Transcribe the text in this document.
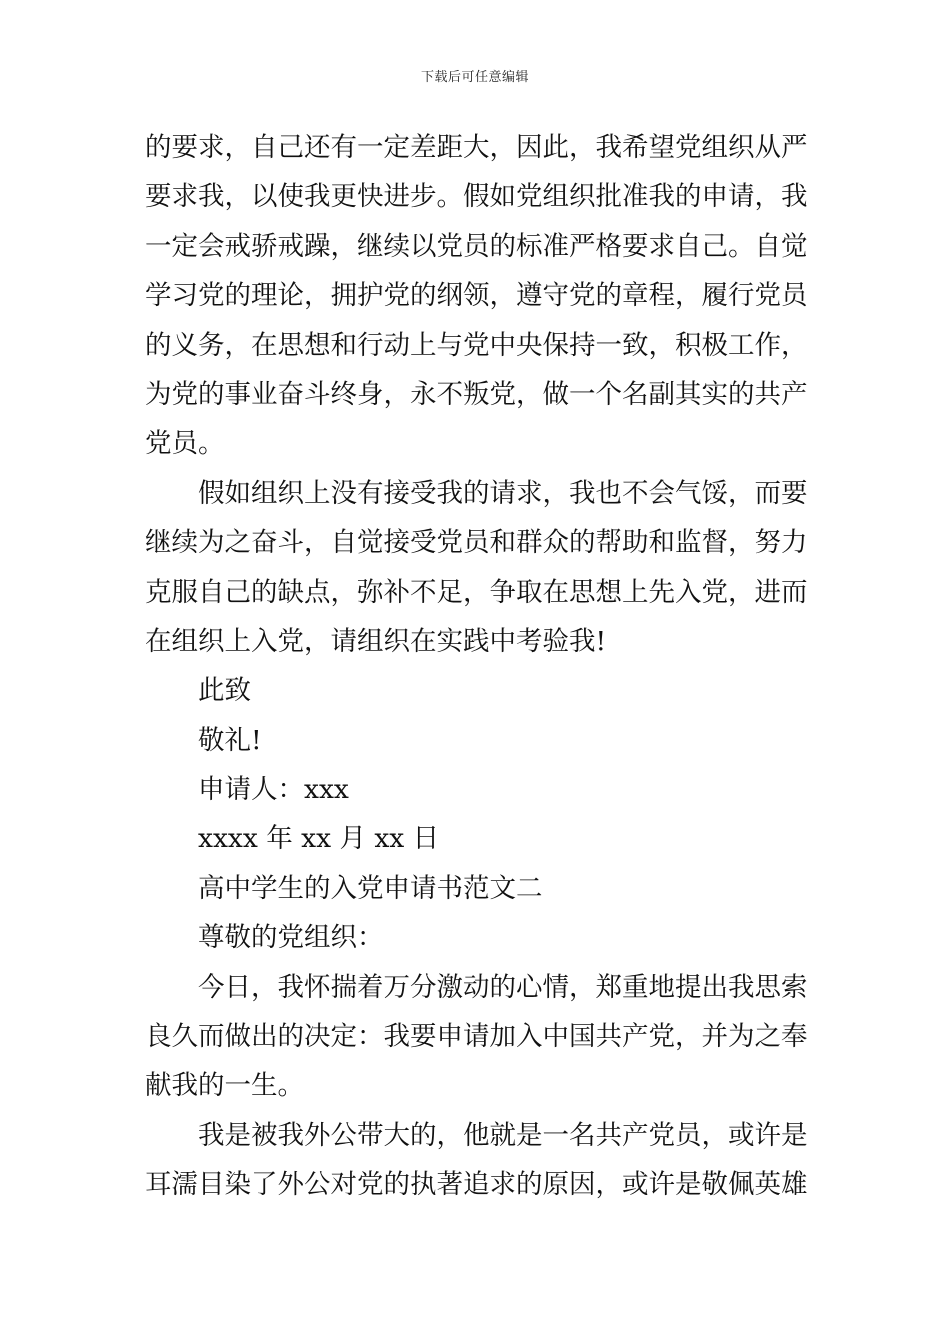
下载后可任意编辑
的要求，自己还有一定差距大，因此，我希望党组织从严
要求我，以使我更快进步。假如党组织批准我的申请，我
一定会戒骄戒躁，继续以党员的标准严格要求自己。自觉
学习党的理论，拥护党的纲领，遵守党的章程，履行党员
的义务，在思想和行动上与党中央保持一致，积极工作，
为党的事业奋斗终身，永不叛党，做一个名副其实的共产
党员。
假如组织上没有接受我的请求，我也不会气馁，而要
继续为之奋斗，自觉接受党员和群众的帮助和监督，努力
克服自己的缺点，弥补不足，争取在思想上先入党，进而
在组织上入党，请组织在实践中考验我!
此致
敬礼!
申请人：xxx
xxxx 年 xx 月 xx 日
高中学生的入党申请书范文二
尊敬的党组织：
今日，我怀揣着万分激动的心情，郑重地提出我思索
良久而做出的决定：我要申请加入中国共产党，并为之奉
献我的一生。
我是被我外公带大的，他就是一名共产党员，或许是
耳濡目染了外公对党的执著追求的原因，或许是敬佩英雄
